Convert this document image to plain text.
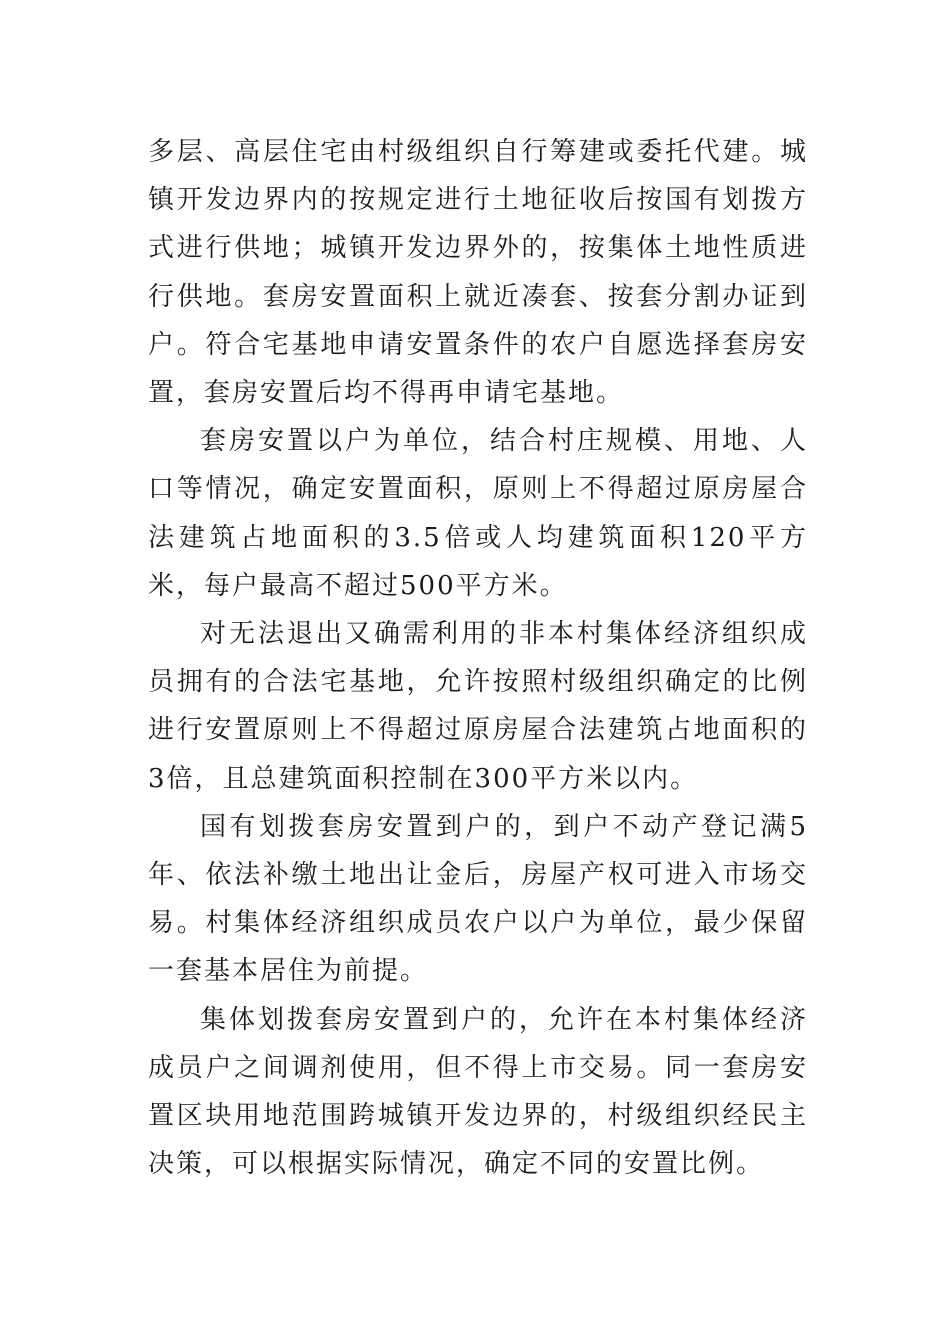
多层、高层住宅由村级组织自行筹建或委托代建。城镇开发边界内的按规定进行土地征收后按国有划拨方式进行供地；城镇开发边界外的，按集体土地性质进行供地。套房安置面积上就近凑套、按套分割办证到户。符合宅基地申请安置条件的农户自愿选择套房安置，套房安置后均不得再申请宅基地。

套房安置以户为单位，结合村庄规模、用地、人口等情况，确定安置面积，原则上不得超过原房屋合法建筑占地面积的3.5倍或人均建筑面积120平方米，每户最高不超过500平方米。

对无法退出又确需利用的非本村集体经济组织成员拥有的合法宅基地，允许按照村级组织确定的比例进行安置原则上不得超过原房屋合法建筑占地面积的3倍，且总建筑面积控制在300平方米以内。

国有划拨套房安置到户的，到户不动产登记满5年、依法补缴土地出让金后，房屋产权可进入市场交易。村集体经济组织成员农户以户为单位，最少保留一套基本居住为前提。

集体划拨套房安置到户的，允许在本村集体经济成员户之间调剂使用，但不得上市交易。同一套房安置区块用地范围跨城镇开发边界的，村级组织经民主决策，可以根据实际情况，确定不同的安置比例。
